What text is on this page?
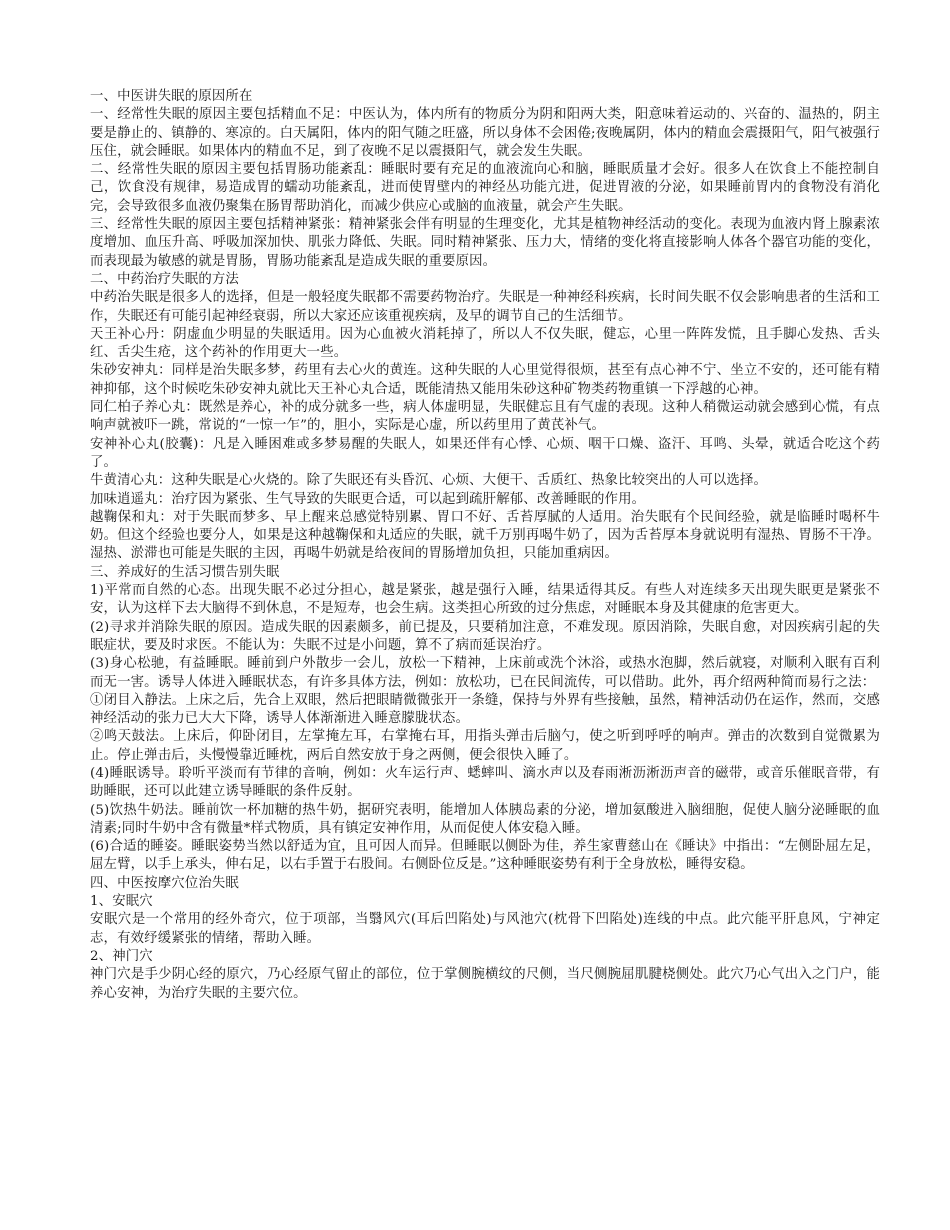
一、中医讲失眠的原因所在

一、经常性失眠的原因主要包括精血不足：中医认为，体内所有的物质分为阴和阳两大类，阳意味着运动的、兴奋的、温热的，阴主要是静止的、镇静的、寒凉的。白天属阳，体内的阳气随之旺盛，所以身体不会困倦;夜晚属阴，体内的精血会震摄阳气，阳气被强行压住，就会睡眠。如果体内的精血不足，到了夜晚不足以震摄阳气，就会发生失眠。

二、经常性失眠的原因主要包括胃肠功能紊乱：睡眠时要有充足的血液流向心和脑，睡眠质量才会好。很多人在饮食上不能控制自己，饮食没有规律，易造成胃的蠕动功能紊乱，进而使胃壁内的神经丛功能亢进，促进胃液的分泌，如果睡前胃内的食物没有消化完，会导致很多血液仍聚集在肠胃帮助消化，而减少供应心或脑的血液量，就会产生失眠。

三、经常性失眠的原因主要包括精神紧张：精神紧张会伴有明显的生理变化，尤其是植物神经活动的变化。表现为血液内肾上腺素浓度增加、血压升高、呼吸加深加快、肌张力降低、失眠。同时精神紧张、压力大，情绪的变化将直接影响人体各个器官功能的变化，而表现最为敏感的就是胃肠，胃肠功能紊乱是造成失眠的重要原因。

二、中药治疗失眠的方法

中药治失眠是很多人的选择，但是一般轻度失眠都不需要药物治疗。失眠是一种神经科疾病，长时间失眠不仅会影响患者的生活和工作，失眠还有可能引起神经衰弱，所以大家还应该重视疾病，及早的调节自己的生活细节。

天王补心丹：阴虚血少明显的失眠适用。因为心血被火消耗掉了，所以人不仅失眠，健忘，心里一阵阵发慌，且手脚心发热、舌头红、舌尖生疮，这个药补的作用更大一些。

朱砂安神丸：同样是治失眠多梦，药里有去心火的黄连。这种失眠的人心里觉得很烦，甚至有点心神不宁、坐立不安的，还可能有精神抑郁，这个时候吃朱砂安神丸就比天王补心丸合适，既能清热又能用朱砂这种矿物类药物重镇一下浮越的心神。

同仁柏子养心丸：既然是养心，补的成分就多一些，病人体虚明显，失眠健忘且有气虚的表现。这种人稍微运动就会感到心慌，有点响声就被吓一跳，常说的“一惊一乍”的，胆小，实际是心虚，所以药里用了黄芪补气。

安神补心丸(胶囊)：凡是入睡困难或多梦易醒的失眠人，如果还伴有心悸、心烦、咽干口燥、盗汗、耳鸣、头晕，就适合吃这个药了。

牛黄清心丸：这种失眠是心火烧的。除了失眠还有头昏沉、心烦、大便干、舌质红、热象比较突出的人可以选择。

加味逍遥丸：治疗因为紧张、生气导致的失眠更合适，可以起到疏肝解郁、改善睡眠的作用。

越鞠保和丸：对于失眠而梦多、早上醒来总感觉特别累、胃口不好、舌苔厚腻的人适用。治失眠有个民间经验，就是临睡时喝杯牛奶。但这个经验也要分人，如果是这种越鞠保和丸适应的失眠，就千万别再喝牛奶了，因为舌苔厚本身就说明有湿热、胃肠不干净。湿热、淤滞也可能是失眠的主因，再喝牛奶就是给夜间的胃肠增加负担，只能加重病因。

三、养成好的生活习惯告别失眠

1)平常而自然的心态。出现失眠不必过分担心，越是紧张，越是强行入睡，结果适得其反。有些人对连续多天出现失眠更是紧张不安，认为这样下去大脑得不到休息，不是短寿，也会生病。这类担心所致的过分焦虑，对睡眠本身及其健康的危害更大。

(2)寻求并消除失眠的原因。造成失眠的因素颇多，前已提及，只要稍加注意，不难发现。原因消除，失眠自愈，对因疾病引起的失眠症状，要及时求医。不能认为：失眠不过是小问题，算不了病而延误治疗。

(3)身心松驰，有益睡眠。睡前到户外散步一会儿，放松一下精神，上床前或洗个沐浴，或热水泡脚，然后就寝，对顺利入眠有百利而无一害。诱导人体进入睡眠状态，有许多具体方法，例如：放松功，已在民间流传，可以借助。此外，再介绍两种简而易行之法：

①闭目入静法。上床之后，先合上双眼，然后把眼睛微微张开一条缝，保持与外界有些接触，虽然，精神活动仍在运作，然而，交感神经活动的张力已大大下降，诱导人体渐渐进入睡意朦胧状态。

②鸣天鼓法。上床后，仰卧闭目，左掌掩左耳，右掌掩右耳，用指头弹击后脑勺，使之听到呼呼的响声。弹击的次数到自觉微累为止。停止弹击后，头慢慢靠近睡枕，两后自然安放于身之两侧，便会很快入睡了。

(4)睡眠诱导。聆听平淡而有节律的音响，例如：火车运行声、蟋蟀叫、滴水声以及春雨淅沥淅沥声音的磁带，或音乐催眠音带，有助睡眠，还可以此建立诱导睡眠的条件反射。

(5)饮热牛奶法。睡前饮一杯加糖的热牛奶，据研究表明，能增加人体胰岛素的分泌，增加氨酸进入脑细胞，促使人脑分泌睡眠的血清素;同时牛奶中含有微量*样式物质，具有镇定安神作用，从而促使人体安稳入睡。

(6)合适的睡姿。睡眠姿势当然以舒适为宜，且可因人而异。但睡眠以侧卧为佳，养生家曹慈山在《睡诀》中指出：“左侧卧屈左足，屈左臂，以手上承头，伸右足，以右手置于右股间。右侧卧位反是。”这种睡眠姿势有利于全身放松，睡得安稳。

四、中医按摩穴位治失眠

1、安眠穴

安眠穴是一个常用的经外奇穴，位于项部，当翳风穴(耳后凹陷处)与风池穴(枕骨下凹陷处)连线的中点。此穴能平肝息风，宁神定志，有效纾缓紧张的情绪，帮助入睡。

2、神门穴

神门穴是手少阴心经的原穴，乃心经原气留止的部位，位于掌侧腕横纹的尺侧，当尺侧腕屈肌腱桡侧处。此穴乃心气出入之门户，能养心安神，为治疗失眠的主要穴位。
